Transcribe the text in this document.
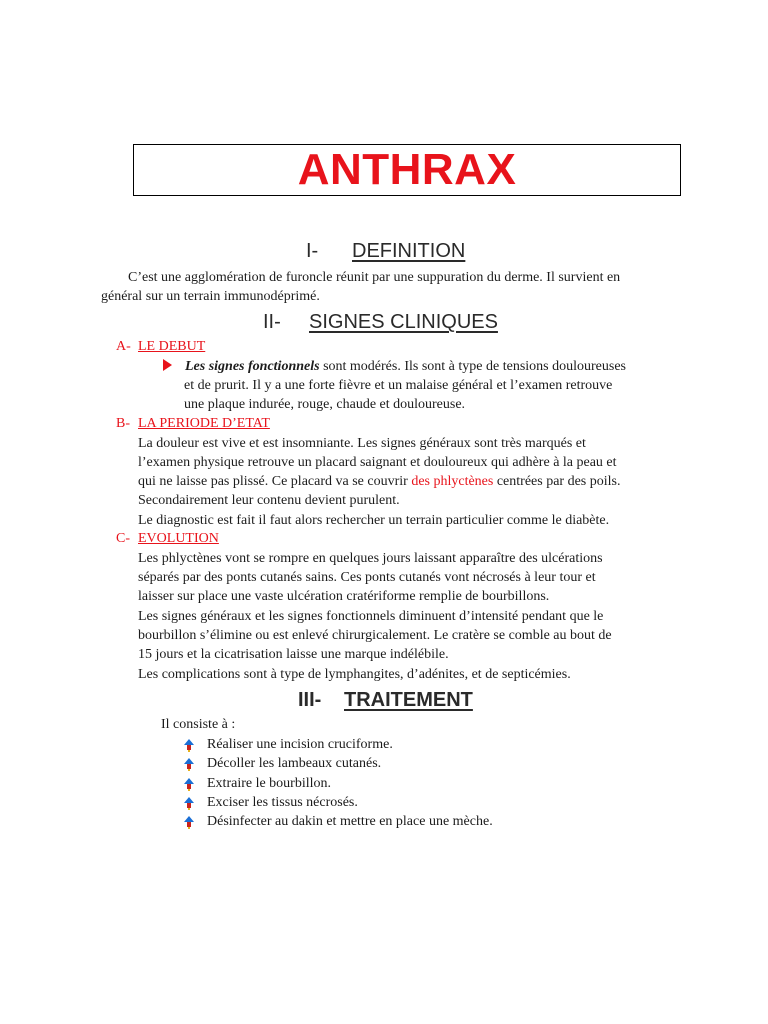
ANTHRAX
I- DEFINITION
C’est une agglomération de furoncle réunit par une suppuration du derme. Il survient en
général sur un terrain immunodéprimé.
II- SIGNES CLINIQUES
A- LE DEBUT
Les signes fonctionnels sont modérés. Ils sont à type de tensions douloureuses
et de prurit. Il y a une forte fièvre et un malaise général et l’examen retrouve
une plaque indurée, rouge, chaude et douloureuse.
B- LA PERIODE D’ETAT
La douleur est vive et est insomniante. Les signes généraux sont très marqués et
l’examen physique retrouve un placard saignant et douloureux qui adhère à la peau et
qui ne laisse pas plissé. Ce placard va se couvrir des phlyctènes centrées par des poils.
Secondairement leur contenu devient purulent.
Le diagnostic est fait il faut alors rechercher un terrain particulier comme le diabète.
C- EVOLUTION
Les phlyctènes vont se rompre en quelques jours laissant apparaître des ulcérations
séparés par des ponts cutanés sains. Ces ponts cutanés vont nécrosés à leur tour et
laisser sur place une vaste ulcération cratériforme remplie de bourbillons.
Les signes généraux et les signes fonctionnels diminuent d’intensité pendant que le
bourbillon s’élimine ou est enlevé chirurgicalement. Le cratère se comble au bout de
15 jours et la cicatrisation laisse une marque indélébile.
Les complications sont à type de lymphangites, d’adénites, et de septicémies.
III- TRAITEMENT
Il consiste à :
Réaliser une incision cruciforme.
Décoller les lambeaux cutanés.
Extraire le bourbillon.
Exciser les tissus nécrosés.
Désinfecter au dakin et mettre en place une mèche.
